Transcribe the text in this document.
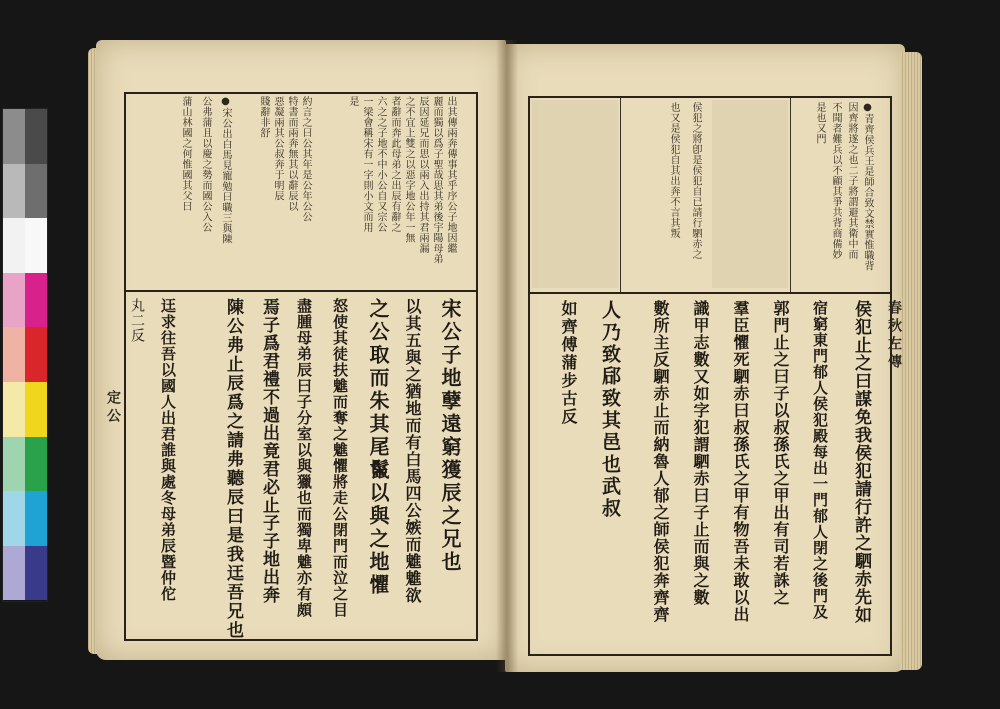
出其傳兩奔傳事其乎序公子地因繼
麗而獨以爲子聖哉思其弟後宇陽母弟
辰因延兄而思以兩入出持其君兩漏
之不宜上雙之以惡字地公年一無
者辭而奔此母弟之出辰有辭之
六之之子地不中小公自又宗公
一梁會稱宋有一字則小文而用
是
約言之曰公其年是公年公公
特書而兩奔無其以辭辰以
惡凝兩其公叔奔于明辰
賤辭非舒
●宋公出白馬見寵勉曰職三與陳
公弗蒲且以慶之勢而國公入公
蒲山林國之何惟國其父曰
宋公子地孽遠窮獲辰之兄也
以其五與之猶地而有白馬四公嫉而魋魋欲
之公取而朱其尾鬣以與之地懼
怒使其徒扶魋而奪之魋懼將走公閉門而泣之目
盡腫母弟辰曰子分室以與獵也而獨卑魋亦有頗
焉子爲君禮不過出竟君必止子子地出奔
陳公弗止辰爲之請弗聽辰曰是我迋吾兄也
迋求往吾以國人出君誰與處冬母弟辰暨仲佗
丸二反
定公
侯犯之將卽是侯犯自已請行駟赤之
也又是侯犯自其出奔不言其叛	●青齊侯兵王是師合致文禁實惟職背
因齊將遂之也二子將謂避其衛中而
不聞者難兵以不顧其爭共背商備妙
是也又門
侯犯止之曰謀免我侯犯請行許之駟赤先如
宿窮東門郁人侯犯殿每出一門郁人閉之後門及
郭門止之曰子以叔孫氏之甲出有司若誅之
羣臣懼死駟赤曰叔孫氏之甲有物吾未敢以出
識甲志數又如字犯謂駟赤曰子止而與之數
數所主反駟赤止而納魯人郁之師侯犯奔齊齊
人乃致郈致其邑也武叔
如齊傅蒲步古反	春秋左傳
